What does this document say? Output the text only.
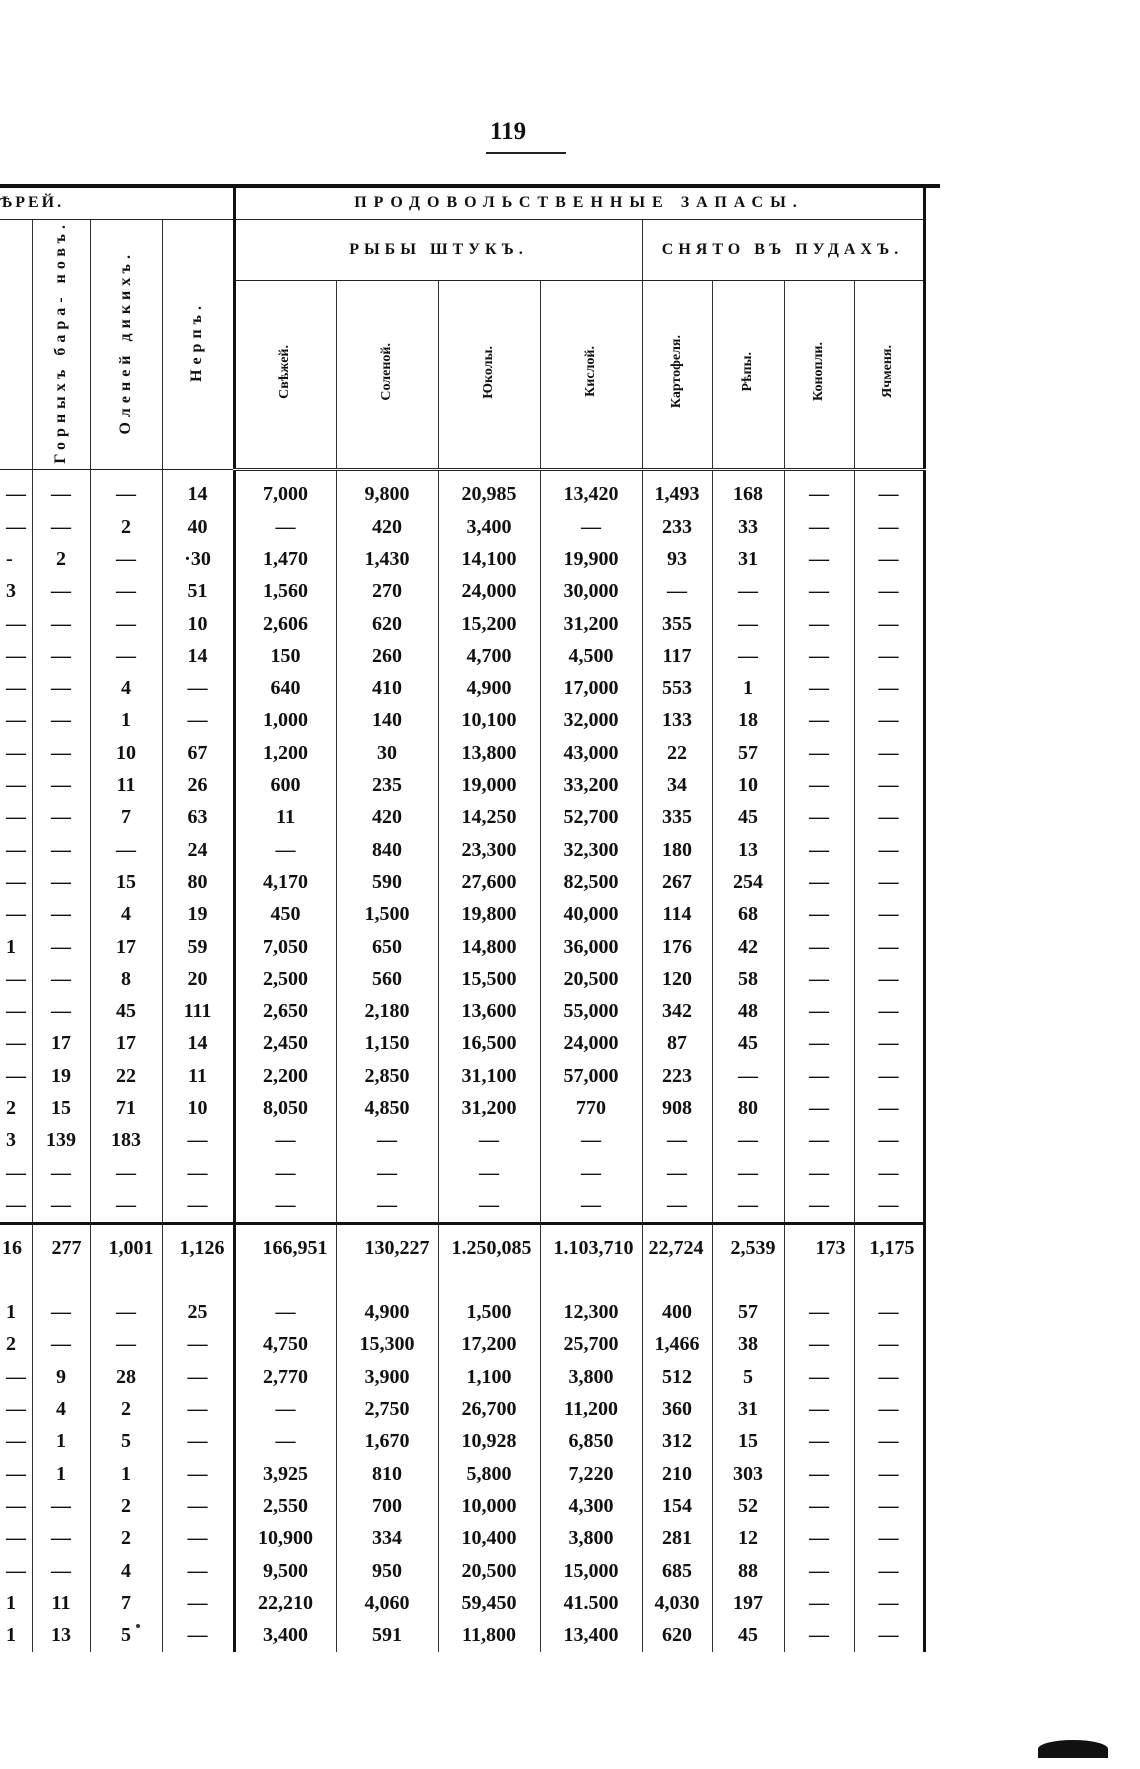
119
ѢРЕЙ.				ПРОДОВОЛЬСТВЕННЫЕ ЗАПАСЫ.							
	Горныхъ бара- новъ.	Оленей дикихъ.	Нерпъ.	РЫБЫ ШТУКЪ.				СНЯТО ВЪ ПУДАХЪ.			
				Свѣжей.	Соленой.	Юколы.	Кислой.	Картофеля.	Рѣпы.	Конопли.	Ячменя.

—	—	—	14	7,000	9,800	20,985	13,420	1,493	168	—	—
—	—	2	40	—	420	3,400	—	233	33	—	—
-	2	—	·30	1,470	1,430	14,100	19,900	93	31	—	—
3	—	—	51	1,560	270	24,000	30,000	—	—	—	—
—	—	—	10	2,606	620	15,200	31,200	355	—	—	—
—	—	—	14	150	260	4,700	4,500	117	—	—	—
—	—	4	—	640	410	4,900	17,000	553	1	—	—
—	—	1	—	1,000	140	10,100	32,000	133	18	—	—
—	—	10	67	1,200	30	13,800	43,000	22	57	—	—
—	—	11	26	600	235	19,000	33,200	34	10	—	—
—	—	7	63	11	420	14,250	52,700	335	45	—	—
—	—	—	24	—	840	23,300	32,300	180	13	—	—
—	—	15	80	4,170	590	27,600	82,500	267	254	—	—
—	—	4	19	450	1,500	19,800	40,000	114	68	—	—
1	—	17	59	7,050	650	14,800	36,000	176	42	—	—
—	—	8	20	2,500	560	15,500	20,500	120	58	—	—
—	—	45	111	2,650	2,180	13,600	55,000	342	48	—	—
—	17	17	14	2,450	1,150	16,500	24,000	87	45	—	—
—	19	22	11	2,200	2,850	31,100	57,000	223	—	—	—
2	15	71	10	8,050	4,850	31,200	770	908	80	—	—
3	139	183	—	—	—	—	—	—	—	—	—
—	—	—	—	—	—	—	—	—	—	—	—
—	—	—	—	—	—	—	—	—	—	—	—
16	277	1,001	1,126	166,951	130,227	1.250,085	1.103,710	22,724	2,539	173	1,175

1	—	—	25	—	4,900	1,500	12,300	400	57	—	—
2	—	—	—	4,750	15,300	17,200	25,700	1,466	38	—	—
—	9	28	—	2,770	3,900	1,100	3,800	512	5	—	—
—	4	2	—	—	2,750	26,700	11,200	360	31	—	—
—	1	5	—	—	1,670	10,928	6,850	312	15	—	—
—	1	1	—	3,925	810	5,800	7,220	210	303	—	—
—	—	2	—	2,550	700	10,000	4,300	154	52	—	—
—	—	2	—	10,900	334	10,400	3,800	281	12	—	—
—	—	4	—	9,500	950	20,500	15,000	685	88	—	—
1	11	7	—	22,210	4,060	59,450	41.500	4,030	197	—	—
1	13	5	—	3,400	591	11,800	13,400	620	45	—	—
